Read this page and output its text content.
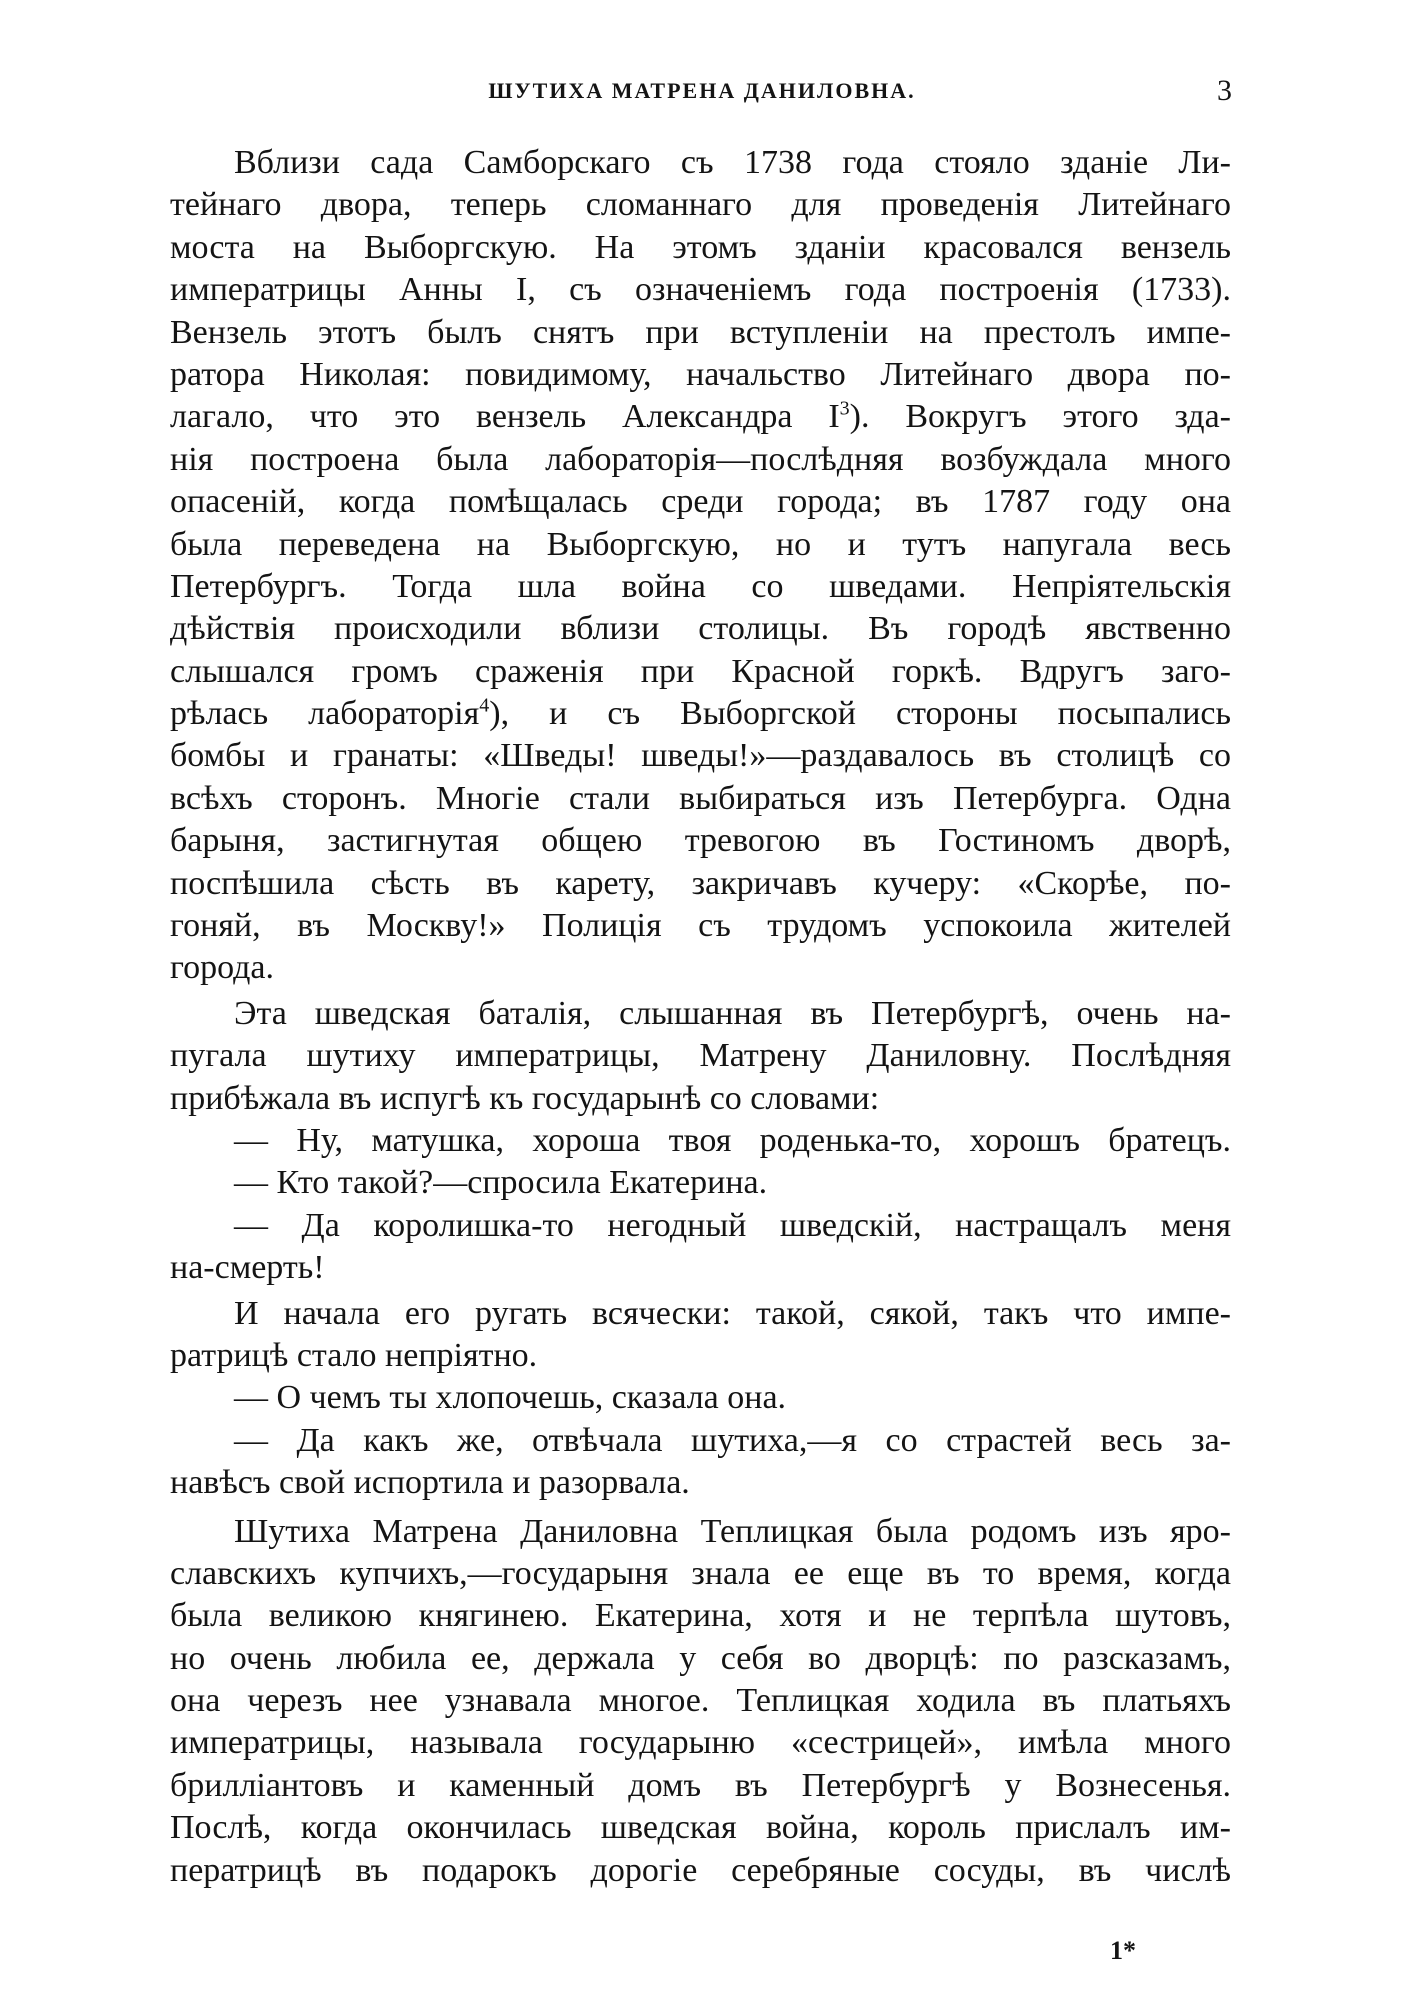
ШУТИХА МАТРЕНА ДАНИЛОВНА.	3
Вблизи сада Самборскаго съ 1738 года стояло зданіе Ли-
тейнаго двора, теперь сломаннаго для проведенія Литейнаго
моста на Выборгскую. На этомъ зданіи красовался вензель
императрицы Анны I, съ означеніемъ года построенія (1733).
Вензель этотъ былъ снятъ при вступленіи на престолъ импе-
ратора Николая: повидимому, начальство Литейнаго двора по-
лагало, что это вензель Александра $I^3$). Вокругъ этого зда-
нія построена была лабораторія—послѣдняя возбуждала много
опасеній, когда помѣщалась среди города; въ 1787 году она
была переведена на Выборгскую, но и тутъ напугала весь
Петербургъ. Тогда шла война со шведами. Непріятельскія
дѣйствія происходили вблизи столицы. Въ городѣ явственно
слышался громъ сраженія при Красной горкѣ. Вдругъ заго-
рѣлась лабораторія$^4$), и съ Выборгской стороны посыпались
бомбы и гранаты: «Шведы! шведы!»—раздавалось въ столицѣ со
всѣхъ сторонъ. Многіе стали выбираться изъ Петербурга. Одна
барыня, застигнутая общею тревогою въ Гостиномъ дворѣ,
поспѣшила сѣсть въ карету, закричавъ кучеру: «Скорѣе, по-
гоняй, въ Москву!» Полиція съ трудомъ успокоила жителей
города.
Эта шведская баталія, слышанная въ Петербургѣ, очень на-
пугала шутиху императрицы, Матрену Даниловну. Послѣдняя
прибѣжала въ испугѣ къ государынѣ со словами:
— Ну, матушка, хороша твоя роденька-то, хорошъ братецъ.
— Кто такой?—спросила Екатерина.
— Да королишка-то негодный шведскій, настращалъ меня
на-смерть!
И начала его ругать всячески: такой, сякой, такъ что импе-
ратрицѣ стало непріятно.
— О чемъ ты хлопочешь, сказала она.
— Да какъ же, отвѣчала шутиха,—я со страстей весь за-
навѣсъ свой испортила и разорвала.
Шутиха Матрена Даниловна Теплицкая была родомъ изъ яро-
славскихъ купчихъ,—государыня знала ее еще въ то время, когда
была великою княгинею. Екатерина, хотя и не терпѣла шутовъ,
но очень любила ее, держала у себя во дворцѣ: по разсказамъ,
она черезъ нее узнавала многое. Теплицкая ходила въ платьяхъ
императрицы, называла государыню «сестрицей», имѣла много
брилліантовъ и каменный домъ въ Петербургѣ у Вознесенья.
Послѣ, когда окончилась шведская война, король прислалъ им-
ператрицѣ въ подарокъ дорогіе серебряные сосуды, въ числѣ
1*
